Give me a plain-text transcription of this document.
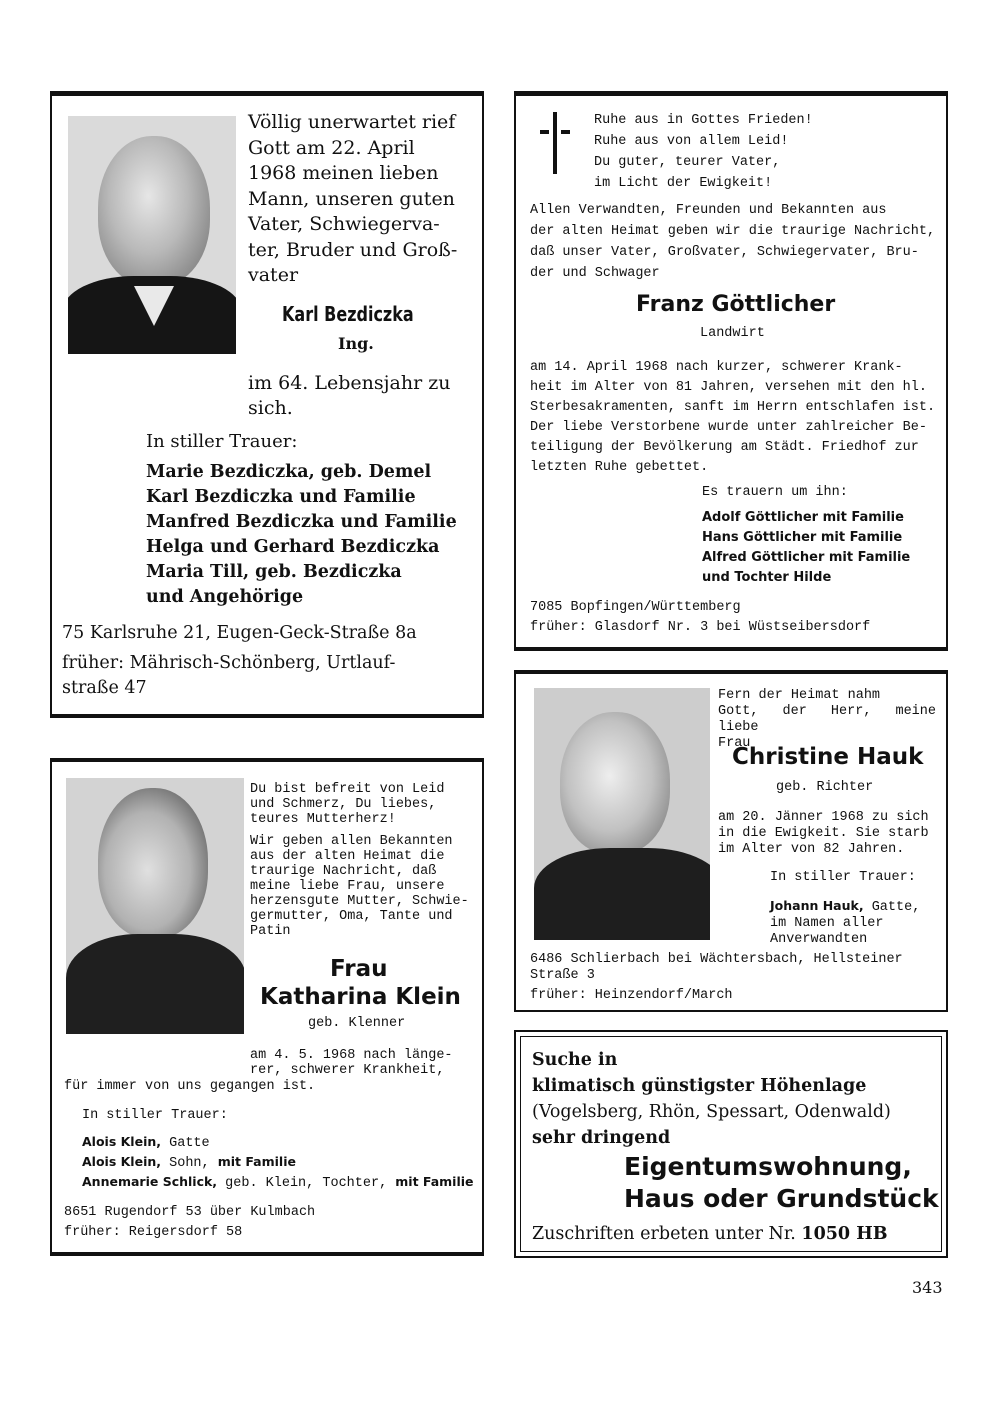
Völlig unerwartet rief
Gott am 22. April
1968 meinen lieben
Mann, unseren guten
Vater, Schwiegerva-
ter, Bruder und Groß-
vater

Karl Bezdiczka

Ing.

im 64. Lebensjahr zu
sich.

In stiller Trauer:

Marie Bezdiczka, geb. Demel

Karl Bezdiczka und Familie

Manfred Bezdiczka und Familie

Helga und Gerhard Bezdiczka

Maria Till, geb. Bezdiczka

und Angehörige

75 Karlsruhe 21, Eugen-Geck-Straße 8a

früher: Mährisch-Schönberg, Urtlauf-
straße 47

Ruhe aus in Gottes Frieden!
Ruhe aus von allem Leid!
Du guter, teurer Vater,
im Licht der Ewigkeit!

Allen Verwandten, Freunden und Bekannten aus
der alten Heimat geben wir die traurige Nachricht,
daß unser Vater, Großvater, Schwiegervater, Bru-
der und Schwager

Franz Göttlicher

Landwirt

am 14. April 1968 nach kurzer, schwerer Krank-
heit im Alter von 81 Jahren, versehen mit den hl.
Sterbesakramenten, sanft im Herrn entschlafen ist.
Der liebe Verstorbene wurde unter zahlreicher Be-
teiligung der Bevölkerung am Städt. Friedhof zur
letzten Ruhe gebettet.

Es trauern um ihn:

Adolf Göttlicher mit Familie

Hans Göttlicher mit Familie

Alfred Göttlicher mit Familie

und Tochter Hilde

7085 Bopfingen/Württemberg

früher: Glasdorf Nr. 3 bei Wüstseibersdorf

Fern der Heimat nahm
Gott, der Herr, meine liebe
Frau

Christine Hauk

geb. Richter

am 20. Jänner 1968 zu sich
in die Ewigkeit. Sie starb
im Alter von 82 Jahren.

In stiller Trauer:

Johann Hauk, Gatte,
im Namen aller
Anverwandten

6486 Schlierbach bei Wächtersbach, Hellsteiner
Straße 3

früher: Heinzendorf/March

Du bist befreit von Leid
und Schmerz, Du liebes,
teures Mutterherz!

Wir geben allen Bekannten
aus der alten Heimat die
traurige Nachricht, daß
meine liebe Frau, unsere
herzensgute Mutter, Schwie-
germutter, Oma, Tante und
Patin

Frau

Katharina Klein

geb. Klenner

am 4. 5. 1968 nach länge-
rer, schwerer Krankheit,

für immer von uns gegangen ist.

In stiller Trauer:

Alois Klein, Gatte

Alois Klein, Sohn, mit Familie

Annemarie Schlick, geb. Klein, Tochter, mit Familie

8651 Rugendorf 53 über Kulmbach

früher: Reigersdorf 58

Suche in

klimatisch günstigster Höhenlage

(Vogelsberg, Rhön, Spessart, Odenwald)

sehr dringend

Eigentumswohnung,

Haus oder Grundstück

Zuschriften erbeten unter Nr. 1050 HB

343
